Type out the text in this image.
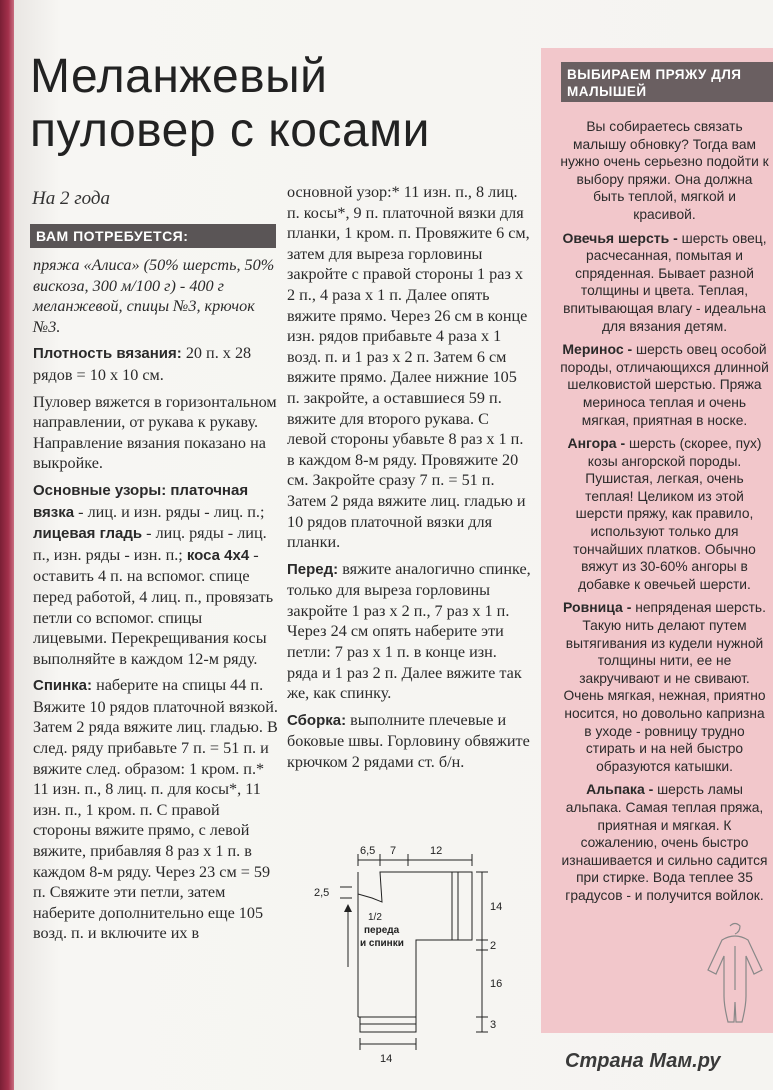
Меланжевый
пуловер с косами
На 2 года
ВАМ ПОТРЕБУЕТСЯ:

пряжа «Алиса» (50% шерсть, 50% вискоза, 300 м/100 г) - 400 г меланжевой, спицы №3, крючок №3.

Плотность вязания: 20 п. х 28 рядов = 10 х 10 см.

Пуловер вяжется в горизонтальном направлении, от рукава к рукаву. Направление вязания показано на выкройке.

Основные узоры: платочная вязка - лиц. и изн. ряды - лиц. п.; лицевая гладь - лиц. ряды - лиц. п., изн. ряды - изн. п.; коса 4х4 - оставить 4 п. на вспомог. спице перед работой, 4 лиц. п., провязать петли со вспомог. спицы лицевыми. Перекрещивания косы выполняйте в каждом 12-м ряду.

Спинка: наберите на спицы 44 п. Вяжите 10 рядов платочной вязкой. Затем 2 ряда вяжите лиц. гладью. В след. ряду прибавьте 7 п. = 51 п. и вяжите след. образом: 1 кром. п.* 11 изн. п., 8 лиц. п. для косы*, 11 изн. п., 1 кром. п. С правой стороны вяжите прямо, с левой вяжите, прибавляя 8 раз х 1 п. в каждом 8-м ряду. Через 23 см = 59 п. Свяжите эти петли, затем наберите дополнительно еще 105 возд. п. и включите их в

основной узор:* 11 изн. п., 8 лиц. п. косы*, 9 п. платочной вязки для планки, 1 кром. п. Провяжите 6 см, затем для выреза горловины закройте с правой стороны 1 раз х 2 п., 4 раза х 1 п. Далее опять вяжите прямо. Через 26 см в конце изн. рядов прибавьте 4 раза х 1 возд. п. и 1 раз х 2 п. Затем 6 см вяжите прямо. Далее нижние 105 п. закройте, а оставшиеся 59 п. вяжите для второго рукава. С левой стороны убавьте 8 раз х 1 п. в каждом 8-м ряду. Провяжите 20 см. Закройте сразу 7 п. = 51 п. Затем 2 ряда вяжите лиц. гладью и 10 рядов платочной вязки для планки.

Перед: вяжите аналогично спинке, только для выреза горловины закройте 1 раз х 2 п., 7 раз х 1 п. Через 24 см опять наберите эти петли: 7 раз х 1 п. в конце изн. ряда и 1 раз 2 п. Далее вяжите так же, как спинку.

Сборка: выполните плечевые и боковые швы. Горловину обвяжите крючком 2 рядами ст. б/н.

6,5 7	12
2,5
1/2
переда
и спинки
14
2
16
3
14
ВЫБИРАЕМ ПРЯЖУ ДЛЯ МАЛЫШЕЙ

Вы собираетесь связать малышу обновку? Тогда вам нужно очень серьезно подойти к выбору пряжи. Она должна быть теплой, мягкой и красивой.

Овечья шерсть - шерсть овец, расчесанная, помытая и спряденная. Бывает разной толщины и цвета. Теплая, впитывающая влагу - идеальна для вязания детям.

Меринос - шерсть овец особой породы, отличающихся длинной шелковистой шерстью. Пряжа мериноса теплая и очень мягкая, приятная в носке.

Ангора - шерсть (скорее, пух) козы ангорской породы. Пушистая, легкая, очень теплая! Целиком из этой шерсти пряжу, как правило, используют только для тончайших платков. Обычно вяжут из 30-60% ангоры в добавке к овечьей шерсти.

Ровница - непряденая шерсть. Такую нить делают путем вытягивания из кудели нужной толщины нити, ее не закручивают и не свивают. Очень мягкая, нежная, приятно носится, но довольно капризна в уходе - ровницу трудно стирать и на ней быстро образуются катышки.

Альпака - шерсть ламы альпака. Самая теплая пряжа, приятная и мягкая. К сожалению, очень быстро изнашивается и сильно садится при стирке. Вода теплее 35 градусов - и получится войлок.

Страна Мам.ру
